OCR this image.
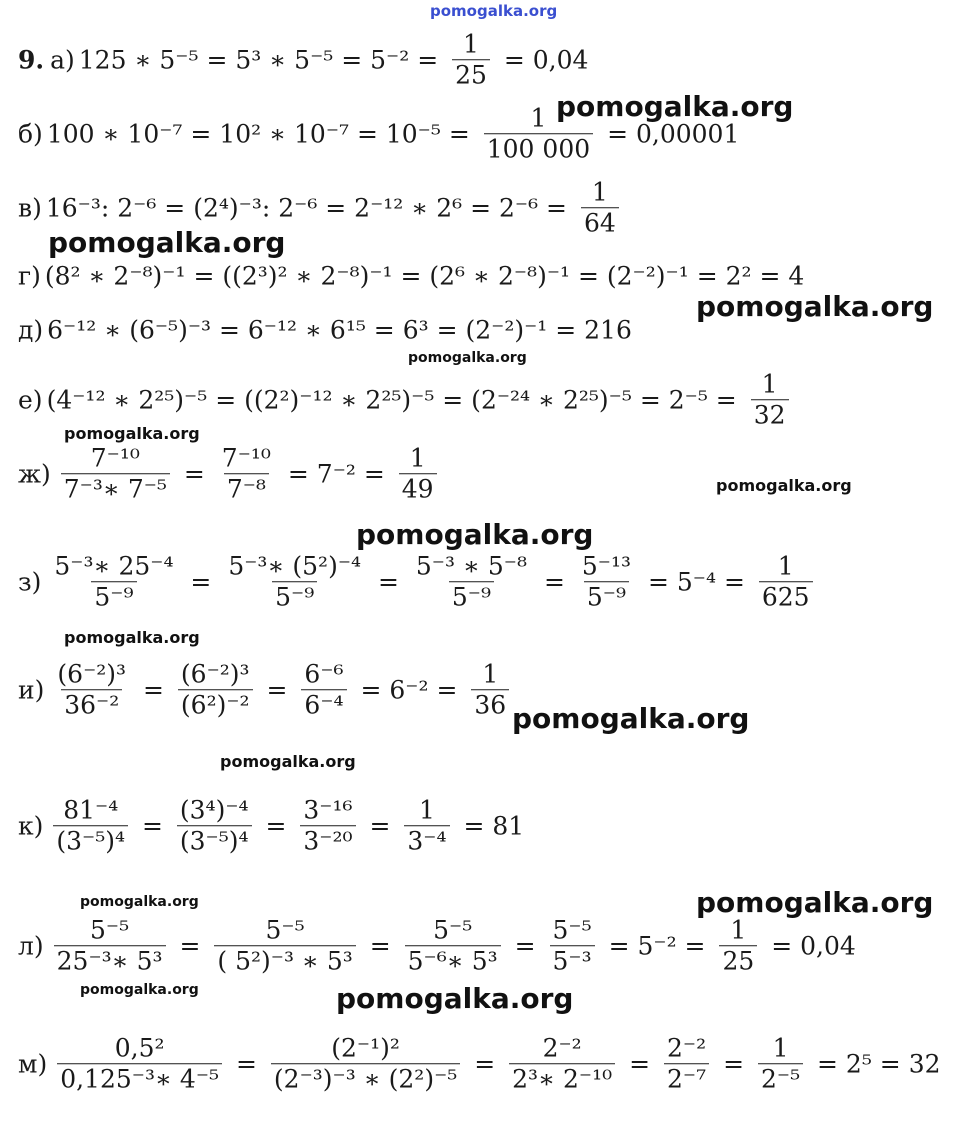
pomogalka.org
9. а) 125 ∗ 5⁻⁵ = 5³ ∗ $5^{-5} = 5^{-2} = \frac{1}{25} = 0,04$
б) 100 ∗ 10⁻⁷ = 10² ∗ $10^{-7} = 10^{-5} = \frac{1}{100 000} = 0,00001$
в) 16⁻³: 2⁻⁶ = (2⁴)⁻³: 2⁻⁶ = 2⁻¹² ∗ $2^6 = 2^{-6} = \frac{1}{64}$
г) (8² ∗ 2⁻⁸)⁻¹ = ((2³)² ∗ 2⁻⁸)⁻¹ = (2⁶ ∗ 2⁻⁸)⁻¹ = (2⁻²)⁻¹ = 2² = 4
д) 6⁻¹² ∗ (6⁻⁵)⁻³ = 6⁻¹² ∗ 6¹⁵ = 6³ = (2⁻²)⁻¹ = 216
е) (4⁻¹² ∗ 2²⁵)⁻⁵ = ((2²)⁻¹² ∗ 2²⁵)⁻⁵ = (2⁻²⁴ ∗ $2^{25})^{-5} = 2^{-5} = \frac{1}{32}$
$ж) \frac{\text{7⁻¹⁰}}{\text{7⁻³∗ 7⁻⁵}} = \frac{\text{7⁻¹⁰}}{\text{7⁻⁸}} = 7^{-2} = \frac{1}{49}$
$з) \frac{\text{5⁻³∗ 25⁻⁴}}{\text{5⁻⁹}} = \frac{\text{5⁻³∗ (5²)⁻⁴}}{\text{5⁻⁹}} = \frac{\text{5⁻³ ∗ 5⁻⁸}}{\text{5⁻⁹}} = \frac{\text{5⁻¹³}}{\text{5⁻⁹}} = 5^{-4} = \frac{1}{625}$
$и) \frac{\text{(6⁻²)³}}{\text{36⁻²}} = \frac{\text{(6⁻²)³}}{\text{(6²)⁻²}} = \frac{\text{6⁻⁶}}{\text{6⁻⁴}} = 6^{-2} = \frac{1}{36}$
$к) \frac{\text{81⁻⁴}}{\text{(3⁻⁵)⁴}} = \frac{\text{(3⁴)⁻⁴}}{\text{(3⁻⁵)⁴}} = \frac{\text{3⁻¹⁶}}{\text{3⁻²⁰}} = \frac{1}{\text{3⁻⁴}} = 81$
$л) \frac{\text{5⁻⁵}}{\text{25⁻³∗ 5³}} = \frac{\text{5⁻⁵}}{\text{( 5²)⁻³ ∗ 5³}} = \frac{\text{5⁻⁵}}{\text{5⁻⁶∗ 5³}} = \frac{\text{5⁻⁵}}{\text{5⁻³}} = 5^{-2} = \frac{1}{25} = 0,04$
$м) \frac{\text{0,5²}}{\text{0,125⁻³∗ 4⁻⁵}} = \frac{\text{(2⁻¹)²}}{\text{(2⁻³)⁻³ ∗ (2²)⁻⁵}} = \frac{\text{2⁻²}}{\text{2³∗ 2⁻¹⁰}} = \frac{\text{2⁻²}}{\text{2⁻⁷}} = \frac{1}{\text{2⁻⁵}} = 2^5 = 32$
pomogalka.org
pomogalka.org
pomogalka.org
pomogalka.org
pomogalka.org
pomogalka.org
pomogalka.org
pomogalka.org
pomogalka.org
pomogalka.org
pomogalka.org	pomogalka.org
pomogalka.org	pomogalka.org
